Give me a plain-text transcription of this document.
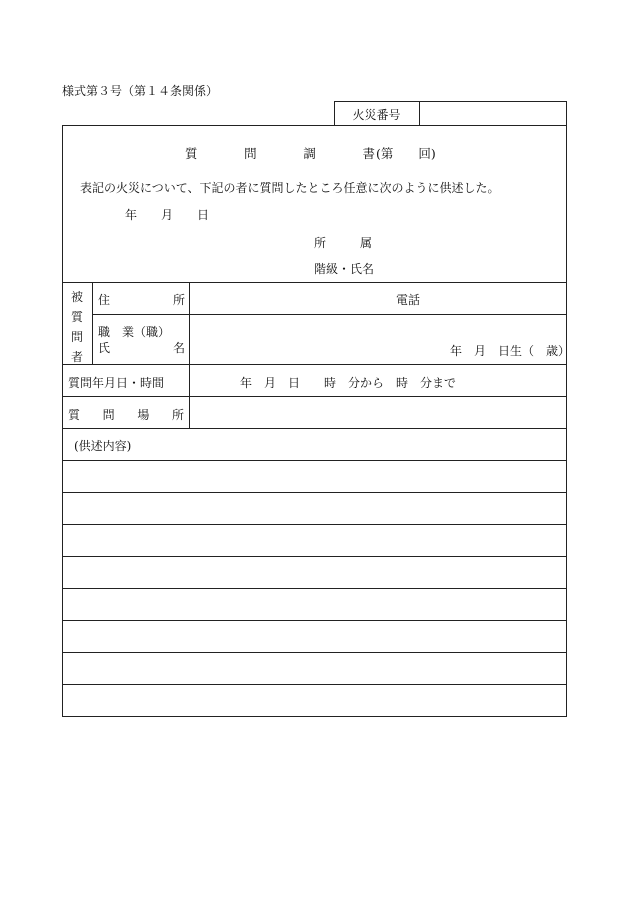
様式第３号（第１４条関係）
火災番号
質	問	調	書 (第　　回)
表記の火災について、下記の者に質問したところ任意に次のように供述した。
年 月 日
所	属
階級・氏名
被
質
問
者
住	所	電話
職　業（職）
氏	名	年　月　日生（　歳）
質問年月日・時間	年　月　日　　時　分から　時　分まで
質 問 場 所
(供述内容)
